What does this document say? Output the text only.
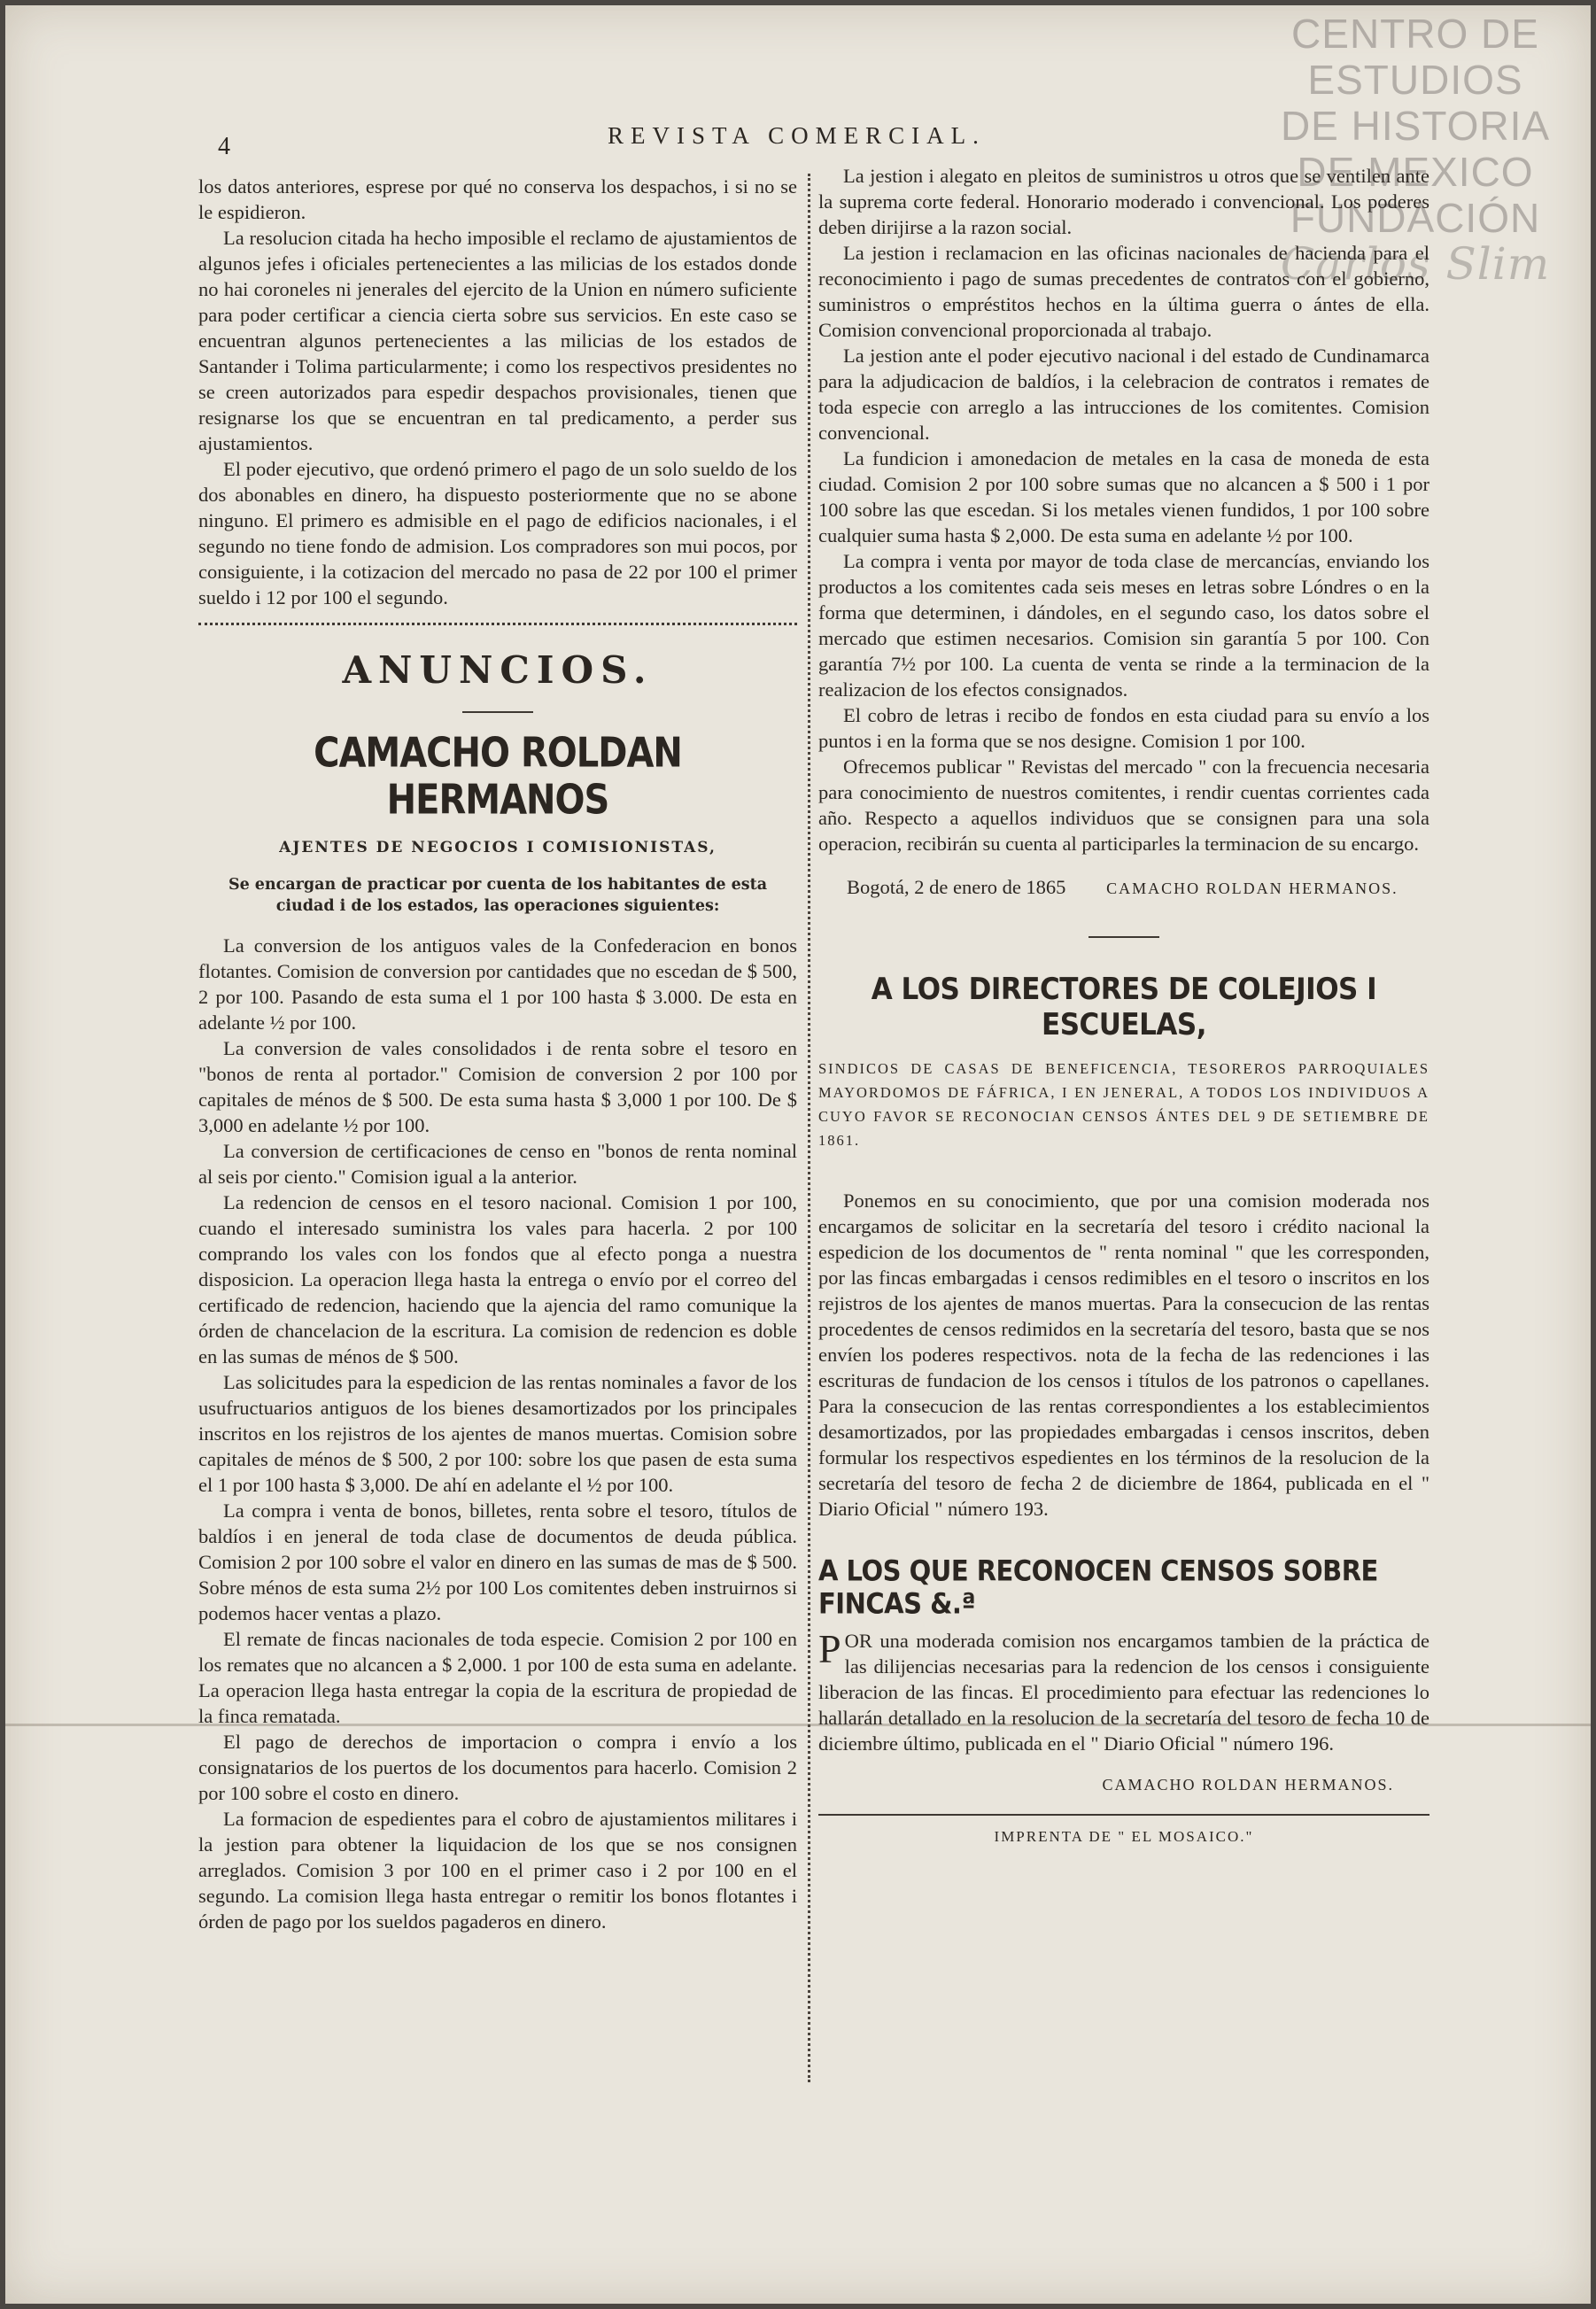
CENTRO DE
ESTUDIOS
DE HISTORIA
DE MEXICO
FUNDACIÓN
Carlos Slim
4	REVISTA COMERCIAL.

los datos anteriores, esprese por qué no conserva los despachos, i si no se le espidieron.

La resolucion citada ha hecho imposible el reclamo de ajustamientos de algunos jefes i oficiales pertenecientes a las milicias de los estados donde no hai coroneles ni jenerales del ejercito de la Union en número suficiente para poder certificar a ciencia cierta sobre sus servicios. En este caso se encuentran algunos pertenecientes a las milicias de los estados de Santander i Tolima particularmente; i como los respectivos presidentes no se creen autorizados para espedir despachos provisionales, tienen que resignarse los que se encuentran en tal predicamento, a perder sus ajustamientos.

El poder ejecutivo, que ordenó primero el pago de un solo sueldo de los dos abonables en dinero, ha dispuesto posteriormente que no se abone ninguno. El primero es admisible en el pago de edificios nacionales, i el segundo no tiene fondo de admision. Los compradores son mui pocos, por consiguiente, i la cotizacion del mercado no pasa de 22 por 100 el primer sueldo i 12 por 100 el segundo.

ANUNCIOS.
CAMACHO ROLDAN HERMANOS
AJENTES DE NEGOCIOS I COMISIONISTAS,
Se encargan de practicar por cuenta de los habitantes de esta ciudad i de los estados, las operaciones siguientes:

La conversion de los antiguos vales de la Confederacion en bonos flotantes. Comision de conversion por cantidades que no escedan de $ 500, 2 por 100. Pasando de esta suma el 1 por 100 hasta $ 3.000. De esta en adelante ½ por 100.

La conversion de vales consolidados i de renta sobre el tesoro en "bonos de renta al portador." Comision de conversion 2 por 100 por capitales de ménos de $ 500. De esta suma hasta $ 3,000 1 por 100. De $ 3,000 en adelante ½ por 100.

La conversion de certificaciones de censo en "bonos de renta nominal al seis por ciento." Comision igual a la anterior.

La redencion de censos en el tesoro nacional. Comision 1 por 100, cuando el interesado suministra los vales para hacerla. 2 por 100 comprando los vales con los fondos que al efecto ponga a nuestra disposicion. La operacion llega hasta la entrega o envío por el correo del certificado de redencion, haciendo que la ajencia del ramo comunique la órden de chancelacion de la escritura. La comision de redencion es doble en las sumas de ménos de $ 500.

Las solicitudes para la espedicion de las rentas nominales a favor de los usufructuarios antiguos de los bienes desamortizados por los principales inscritos en los rejistros de los ajentes de manos muertas. Comision sobre capitales de ménos de $ 500, 2 por 100: sobre los que pasen de esta suma el 1 por 100 hasta $ 3,000. De ahí en adelante el ½ por 100.

La compra i venta de bonos, billetes, renta sobre el tesoro, títulos de baldíos i en jeneral de toda clase de documentos de deuda pública. Comision 2 por 100 sobre el valor en dinero en las sumas de mas de $ 500. Sobre ménos de esta suma 2½ por 100 Los comitentes deben instruirnos si podemos hacer ventas a plazo.

El remate de fincas nacionales de toda especie. Comision 2 por 100 en los remates que no alcancen a $ 2,000. 1 por 100 de esta suma en adelante. La operacion llega hasta entregar la copia de la escritura de propiedad de la finca rematada.

El pago de derechos de importacion o compra i envío a los consignatarios de los puertos de los documentos para hacerlo. Comision 2 por 100 sobre el costo en dinero.

La formacion de espedientes para el cobro de ajustamientos militares i la jestion para obtener la liquidacion de los que se nos consignen arreglados. Comision 3 por 100 en el primer caso i 2 por 100 en el segundo. La comision llega hasta entregar o remitir los bonos flotantes i órden de pago por los sueldos pagaderos en dinero.

La jestion i alegato en pleitos de suministros u otros que se ventilen ante la suprema corte federal. Honorario moderado i convencional. Los poderes deben dirijirse a la razon social.

La jestion i reclamacion en las oficinas nacionales de hacienda para el reconocimiento i pago de sumas precedentes de contratos con el gobierno, suministros o empréstitos hechos en la última guerra o ántes de ella. Comision convencional proporcionada al trabajo.

La jestion ante el poder ejecutivo nacional i del estado de Cundinamarca para la adjudicacion de baldíos, i la celebracion de contratos i remates de toda especie con arreglo a las intrucciones de los comitentes. Comision convencional.

La fundicion i amonedacion de metales en la casa de moneda de esta ciudad. Comision 2 por 100 sobre sumas que no alcancen a $ 500 i 1 por 100 sobre las que escedan. Si los metales vienen fundidos, 1 por 100 sobre cualquier suma hasta $ 2,000. De esta suma en adelante ½ por 100.

La compra i venta por mayor de toda clase de mercancías, enviando los productos a los comitentes cada seis meses en letras sobre Lóndres o en la forma que determinen, i dándoles, en el segundo caso, los datos sobre el mercado que estimen necesarios. Comision sin garantía 5 por 100. Con garantía 7½ por 100. La cuenta de venta se rinde a la terminacion de la realizacion de los efectos consignados.

El cobro de letras i recibo de fondos en esta ciudad para su envío a los puntos i en la forma que se nos designe. Comision 1 por 100.

Ofrecemos publicar " Revistas del mercado " con la frecuencia necesaria para conocimiento de nuestros comitentes, i rendir cuentas corrientes cada año. Respecto a aquellos individuos que se consignen para una sola operacion, recibirán su cuenta al participarles la terminacion de su encargo.

Bogotá, 2 de enero de 1865	CAMACHO ROLDAN HERMANOS.
A LOS DIRECTORES DE COLEJIOS I ESCUELAS,
SINDICOS DE CASAS DE BENEFICENCIA, TESOREROS PARROQUIALES MAYORDOMOS DE FÁFRICA, I EN JENERAL, A TODOS LOS INDIVIDUOS A CUYO FAVOR SE RECONOCIAN CENSOS ÁNTES DEL 9 DE SETIEMBRE DE 1861.

Ponemos en su conocimiento, que por una comision moderada nos encargamos de solicitar en la secretaría del tesoro i crédito nacional la espedicion de los documentos de " renta nominal " que les corresponden, por las fincas embargadas i censos redimibles en el tesoro o inscritos en los rejistros de los ajentes de manos muertas. Para la consecucion de las rentas procedentes de censos redimidos en la secretaría del tesoro, basta que se nos envíen los poderes respectivos. nota de la fecha de las redenciones i las escrituras de fundacion de los censos i títulos de los patronos o capellanes. Para la consecucion de las rentas correspondientes a los establecimientos desamortizados, por las propiedades embargadas i censos inscritos, deben formular los respectivos espedientes en los términos de la resolucion de la secretaría del tesoro de fecha 2 de diciembre de 1864, publicada en el " Diario Oficial " número 193.

A LOS QUE RECONOCEN CENSOS SOBRE FINCAS &.ª

POR una moderada comision nos encargamos tambien de la práctica de las dilijencias necesarias para la redencion de los censos i consiguiente liberacion de las fincas. El procedimiento para efectuar las redenciones lo hallarán detallado en la resolucion de la secretaría del tesoro de fecha 10 de diciembre último, publicada en el " Diario Oficial " número 196.

CAMACHO ROLDAN HERMANOS.
IMPRENTA DE " EL MOSAICO."
